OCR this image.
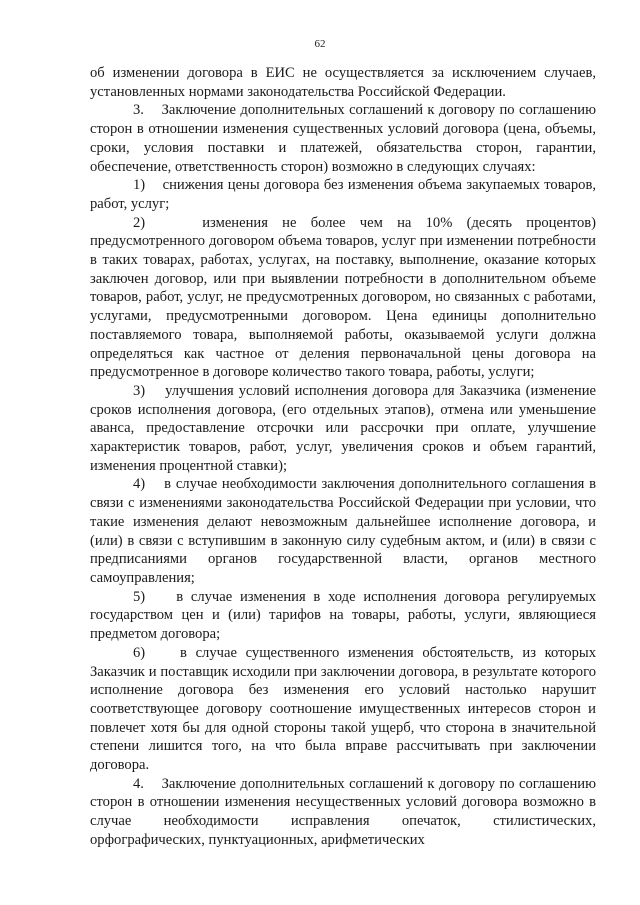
62

об изменении договора в ЕИС не осуществляется за исключением случаев, установленных нормами законодательства Российской Федерации.

3.    Заключение дополнительных соглашений к договору по соглашению сторон в отношении изменения существенных условий договора (цена, объемы, сроки, условия поставки и платежей, обязательства сторон, гарантии, обеспечение, ответственность сторон) возможно в следующих случаях:

1)    снижения цены договора без изменения объема закупаемых товаров, работ, услуг;

2)    изменения не более чем на 10% (десять процентов) предусмотренного договором объема товаров, услуг при изменении потребности в таких товарах, работах, услугах, на поставку, выполнение, оказание которых заключен договор, или при выявлении потребности в дополнительном объеме товаров, работ, услуг, не предусмотренных договором, но связанных с работами, услугами, предусмотренными договором. Цена единицы дополнительно поставляемого товара, выполняемой работы, оказываемой услуги должна определяться как частное от деления первоначальной цены договора на предусмотренное в договоре количество такого товара, работы, услуги;

3)    улучшения условий исполнения договора для Заказчика (изменение сроков исполнения договора, (его отдельных этапов), отмена или уменьшение аванса, предоставление отсрочки или рассрочки при оплате, улучшение характеристик товаров, работ, услуг, увеличения сроков и объем гарантий, изменения процентной ставки);

4)    в случае необходимости заключения дополнительного соглашения в связи с изменениями законодательства Российской Федерации при условии, что такие изменения делают невозможным дальнейшее исполнение договора, и (или) в связи с вступившим в законную силу судебным актом, и (или) в связи с предписаниями органов государственной власти, органов местного самоуправления;

5)    в случае изменения в ходе исполнения договора регулируемых государством цен и (или) тарифов на товары, работы, услуги, являющиеся предметом договора;

6)    в случае существенного изменения обстоятельств, из которых Заказчик и поставщик исходили при заключении договора, в результате которого исполнение договора без изменения его условий настолько нарушит соответствующее договору соотношение имущественных интересов сторон и повлечет хотя бы для одной стороны такой ущерб, что сторона в значительной степени лишится того, на что была вправе рассчитывать при заключении договора.

4.    Заключение дополнительных соглашений к договору по соглашению сторон в отношении изменения несущественных условий договора возможно в случае необходимости исправления опечаток, стилистических, орфографических, пунктуационных, арифметических
